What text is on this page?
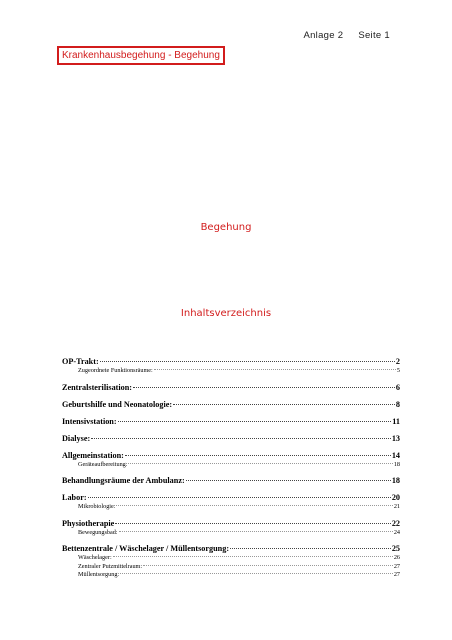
Anlage 2 Seite 1
Krankenhausbegehung - Begehung
Begehung
Inhaltsverzeichnis
OP-Trakt:	2
Zugeordnete Funktionsräume:	5
Zentralsterilisation:	6
Geburtshilfe und Neonatologie:	8
Intensivstation:	11
Dialyse:	13
Allgemeinstation:	14
Geräteaufbereitung:	18
Behandlungsräume der Ambulanz:	18
Labor:	20
Mikrobiologie:	21
Physiotherapie	22
Bewegungsbad:	24
Bettenzentrale / Wäschelager / Müllentsorgung:	25
Wäschelager:	26
Zentraler Putzmittelraum:	27
Müllentsorgung:	27
